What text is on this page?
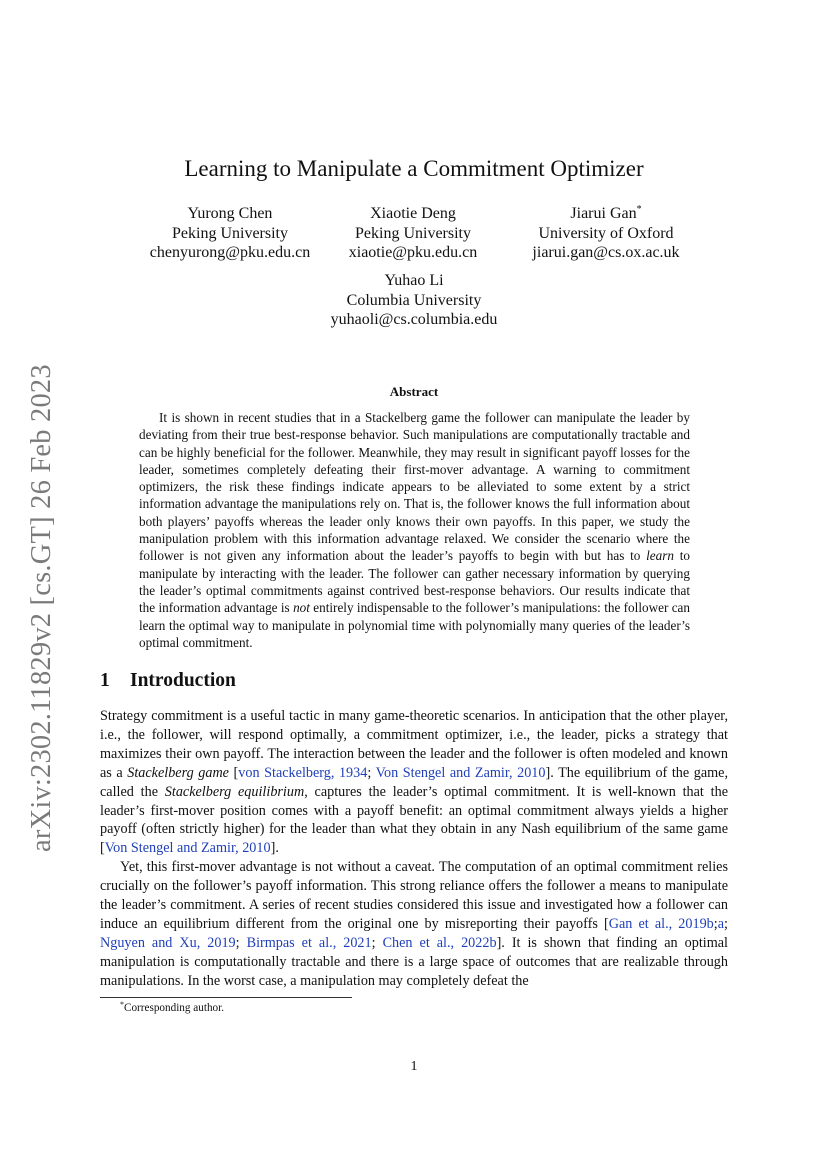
arXiv:2302.11829v2 [cs.GT] 26 Feb 2023
Learning to Manipulate a Commitment Optimizer
Yurong Chen
Peking University
chenyurong@pku.edu.cn
Xiaotie Deng
Peking University
xiaotie@pku.edu.cn
Jiarui Gan*
University of Oxford
jiarui.gan@cs.ox.ac.uk
Yuhao Li
Columbia University
yuhaoli@cs.columbia.edu
Abstract

It is shown in recent studies that in a Stackelberg game the follower can manipulate the leader by deviating from their true best-response behavior. Such manipulations are computationally tractable and can be highly beneficial for the follower. Meanwhile, they may result in significant payoff losses for the leader, sometimes completely defeating their first-mover advantage. A warning to commitment optimizers, the risk these findings indicate appears to be alleviated to some extent by a strict information advantage the manipulations rely on. That is, the follower knows the full information about both players’ payoffs whereas the leader only knows their own payoffs. In this paper, we study the manipulation problem with this information advantage relaxed. We consider the scenario where the follower is not given any information about the leader’s payoffs to begin with but has to learn to manipulate by interacting with the leader. The follower can gather necessary information by querying the leader’s optimal commitments against contrived best-response behaviors. Our results indicate that the information advantage is not entirely indispensable to the follower’s manipulations: the follower can learn the optimal way to manipulate in polynomial time with polynomially many queries of the leader’s optimal commitment.

1 Introduction

Strategy commitment is a useful tactic in many game-theoretic scenarios. In anticipation that the other player, i.e., the follower, will respond optimally, a commitment optimizer, i.e., the leader, picks a strategy that maximizes their own payoff. The interaction between the leader and the follower is often modeled and known as a Stackelberg game [von Stackelberg, 1934; Von Stengel and Zamir, 2010]. The equilibrium of the game, called the Stackelberg equilibrium, captures the leader’s optimal commitment. It is well-known that the leader’s first-mover position comes with a payoff benefit: an optimal commitment always yields a higher payoff (often strictly higher) for the leader than what they obtain in any Nash equilibrium of the same game [Von Stengel and Zamir, 2010].

Yet, this first-mover advantage is not without a caveat. The computation of an optimal commitment relies crucially on the follower’s payoff information. This strong reliance offers the follower a means to manipulate the leader’s commitment. A series of recent studies considered this issue and investigated how a follower can induce an equilibrium different from the original one by misreporting their payoffs [Gan et al., 2019b;a; Nguyen and Xu, 2019; Birmpas et al., 2021; Chen et al., 2022b]. It is shown that finding an optimal manipulation is computationally tractable and there is a large space of outcomes that are realizable through manipulations. In the worst case, a manipulation may completely defeat the

*Corresponding author.
1
